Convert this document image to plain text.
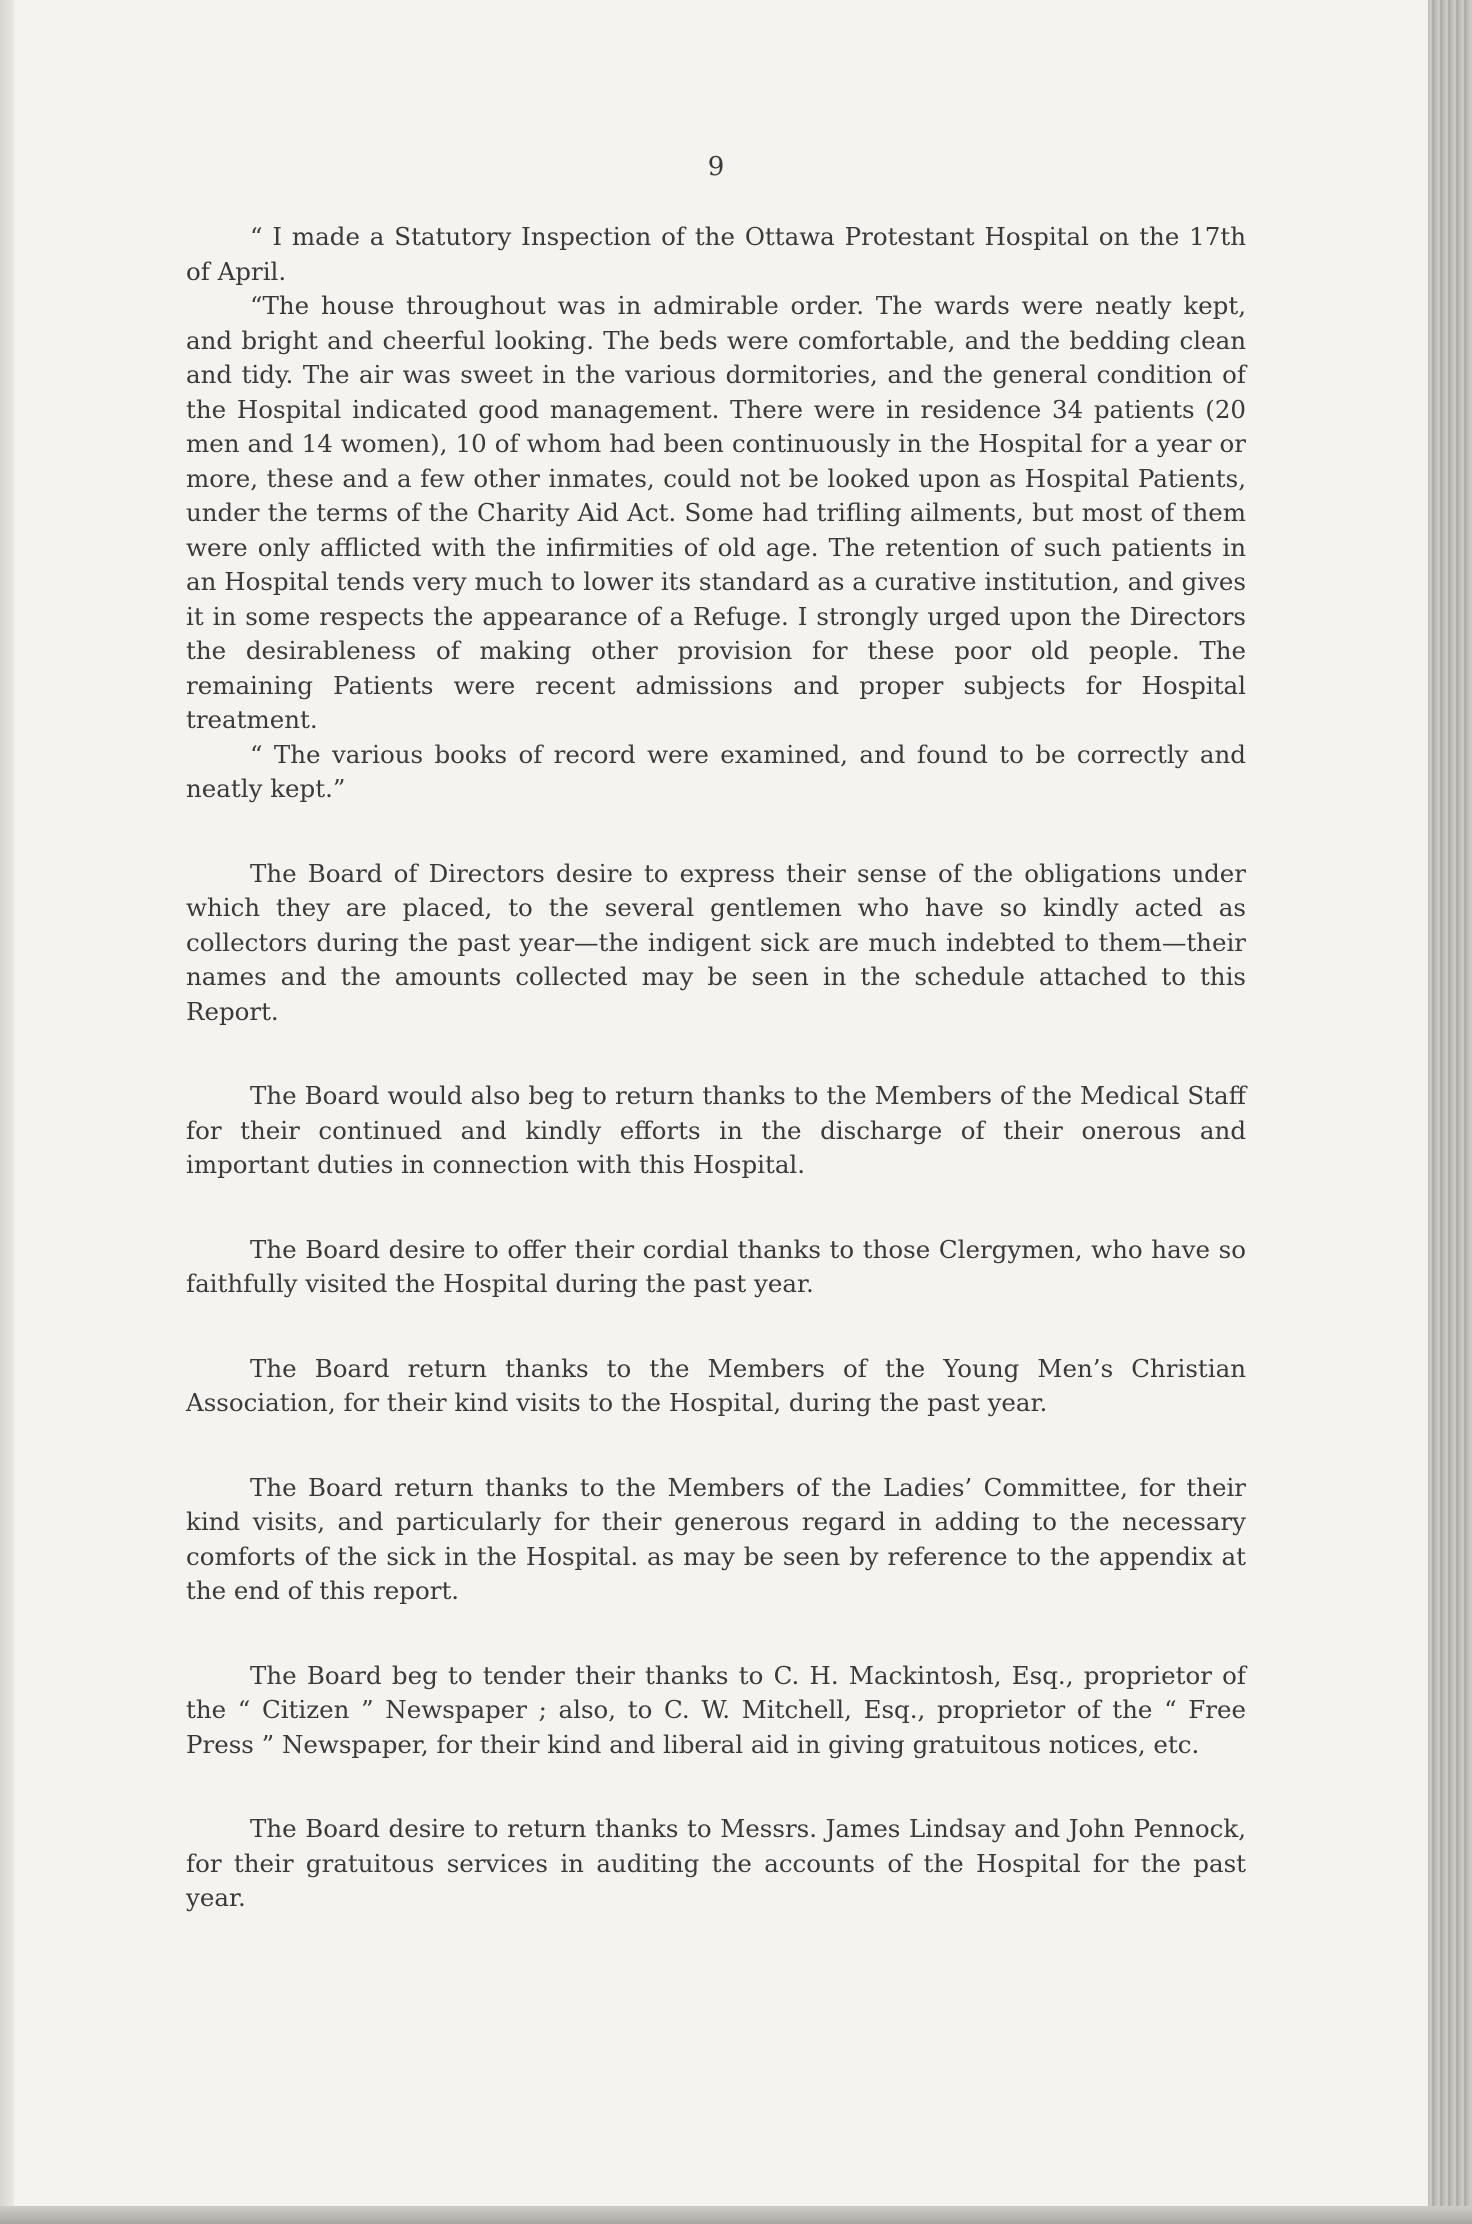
9

“ I made a Statutory Inspection of the Ottawa Protestant Hospital on the 17th of April.

“The house throughout was in admirable order. The wards were neatly kept, and bright and cheerful looking. The beds were comfortable, and the bedding clean and tidy. The air was sweet in the various dormitories, and the general condition of the Hospital indicated good management. There were in residence 34 patients (20 men and 14 women), 10 of whom had been continuously in the Hospital for a year or more, these and a few other inmates, could not be looked upon as Hospital Patients, under the terms of the Charity Aid Act. Some had trifling ailments, but most of them were only afflicted with the infirmities of old age. The retention of such patients in an Hospital tends very much to lower its standard as a curative institution, and gives it in some respects the appearance of a Refuge. I strongly urged upon the Directors the desirableness of making other provision for these poor old people. The remaining Patients were recent admissions and proper subjects for Hospital treatment.

“ The various books of record were examined, and found to be correctly and neatly kept.”

The Board of Directors desire to express their sense of the obligations under which they are placed, to the several gentlemen who have so kindly acted as collectors during the past year—the indigent sick are much indebted to them—their names and the amounts collected may be seen in the schedule attached to this Report.

The Board would also beg to return thanks to the Members of the Medical Staff for their continued and kindly efforts in the discharge of their onerous and important duties in connection with this Hospital.

The Board desire to offer their cordial thanks to those Clergymen, who have so faithfully visited the Hospital during the past year.

The Board return thanks to the Members of the Young Men’s Christian Association, for their kind visits to the Hospital, during the past year.

The Board return thanks to the Members of the Ladies’ Committee, for their kind visits, and particularly for their generous regard in adding to the necessary comforts of the sick in the Hospital. as may be seen by reference to the appendix at the end of this report.

The Board beg to tender their thanks to C. H. Mackintosh, Esq., proprietor of the “ Citizen ” Newspaper ; also, to C. W. Mitchell, Esq., proprietor of the “ Free Press ” Newspaper, for their kind and liberal aid in giving gratuitous notices, etc.

The Board desire to return thanks to Messrs. James Lindsay and John Pennock, for their gratuitous services in auditing the accounts of the Hospital for the past year.
